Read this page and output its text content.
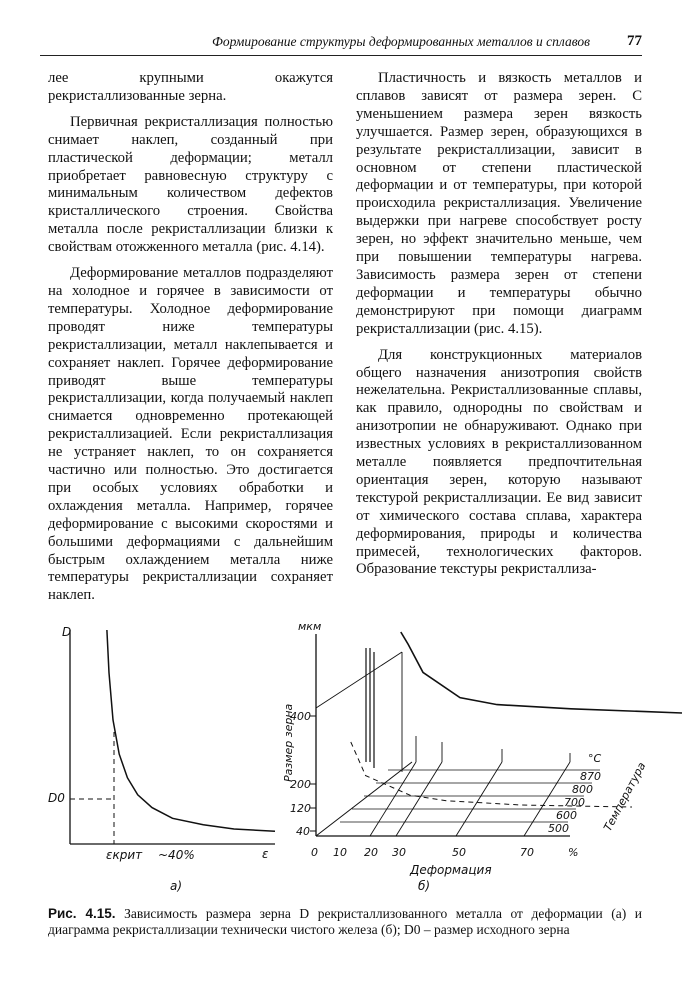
Формирование структуры деформированных металлов и сплавов 77

лее крупными окажутся рекристаллизованные зерна.

Первичная рекристаллизация полностью снимает наклеп, созданный при пластической деформации; металл приобретает равновесную структуру с минимальным количеством дефектов кристаллического строения. Свойства металла после рекристаллизации близки к свойствам отожженного металла (рис. 4.14).

Деформирование металлов подразделяют на холодное и горячее в зависимости от температуры. Холодное деформирование проводят ниже температуры рекристаллизации, металл наклепывается и сохраняет наклеп. Горячее деформирование приводят выше температуры рекристаллизации, когда получаемый наклеп снимается одновременно протекающей рекристаллизацией. Если рекристаллизация не устраняет наклеп, то он сохраняется частично или полностью. Это достигается при особых условиях обработки и охлаждения металла. Например, горячее деформирование с высокими скоростями и большими деформациями с дальнейшим быстрым охлаждением металла ниже температуры рекристаллизации сохраняет наклеп.

Пластичность и вязкость металлов и сплавов зависят от размера зерен. С уменьшением размера зерен вязкость улучшается. Размер зерен, образующихся в результате рекристаллизации, зависит в основном от степени пластической деформации и от температуры, при которой происходила рекристаллизация. Увеличение выдержки при нагреве способствует росту зерен, но эффект значительно меньше, чем при повышении температуры нагрева. Зависимость размера зерен от степени деформации и температуры обычно демонстрируют при помощи диаграмм рекристаллизации (рис. 4.15).

Для конструкционных материалов общего назначения анизотропия свойств нежелательна. Рекристаллизованные сплавы, как правило, однородны по свойствам и анизотропии не обнаруживают. Однако при известных условиях в рекристаллизованном металле появляется предпочтительная ориентация зерен, которую называют текстурой рекристаллизации. Ее вид зависит от химического состава сплава, характера деформирования, природы и количества примесей, технологических факторов. Образование текстуры рекристаллиза-

D
ε
D0
εкрит ~40%
а)
мкм
Размер зерна
40
120
200
400
0 10 20 30	50	70	%
Деформация
°C
870
800
700
600
500	Температура
б)
Рис. 4.15. Зависимость размера зерна D рекристаллизованного металла от деформации (а) и диаграмма рекристаллизации технически чистого железа (б); D0 – размер исходного зерна
